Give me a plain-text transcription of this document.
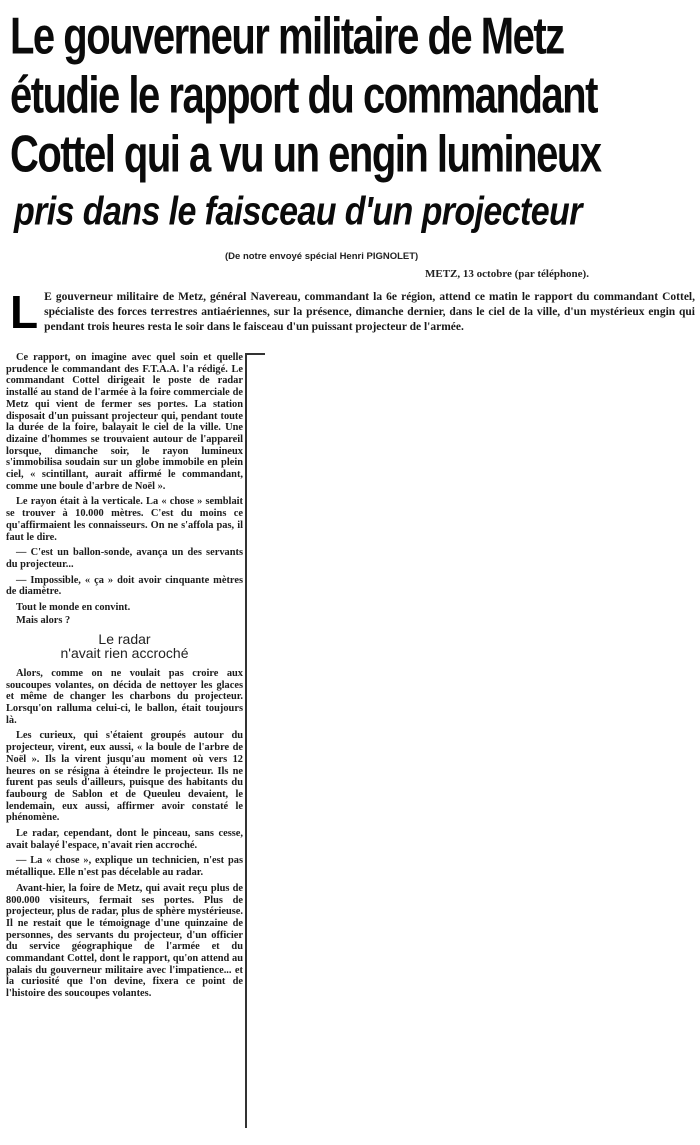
Le gouverneur militaire de Metz
étudie le rapport du commandant
Cottel qui a vu un engin lumineux
pris dans le faisceau d'un projecteur
(De notre envoyé spécial Henri PIGNOLET)
METZ, 13 octobre (par téléphone).

L E gouverneur militaire de Metz, général Navereau, commandant la 6e région, attend ce matin le rapport du commandant Cottel, spécialiste des forces terrestres antiaériennes, sur la présence, dimanche dernier, dans le ciel de la ville, d'un mystérieux engin qui pendant trois heures resta le soir dans le faisceau d'un puissant projecteur de l'armée.

Ce rapport, on imagine avec quel soin et quelle prudence le commandant des F.T.A.A. l'a rédigé. Le commandant Cottel dirigeait le poste de radar installé au stand de l'armée à la foire commerciale de Metz qui vient de fermer ses portes. La station disposait d'un puissant projecteur qui, pendant toute la durée de la foire, balayait le ciel de la ville. Une dizaine d'hommes se trouvaient autour de l'appareil lorsque, dimanche soir, le rayon lumineux s'immobilisa soudain sur un globe immobile en plein ciel, « scintillant, aurait affirmé le commandant, comme une boule d'arbre de Noël ».

Le rayon était à la verticale. La « chose » semblait se trouver à 10.000 mètres. C'est du moins ce qu'affirmaient les connaisseurs. On ne s'affola pas, il faut le dire.

— C'est un ballon-sonde, avança un des servants du projecteur...

— Impossible, « ça » doit avoir cinquante mètres de diamètre.

Tout le monde en convint.

Mais alors ?

Le radar
n'avait rien accroché

Alors, comme on ne voulait pas croire aux soucoupes volantes, on décida de nettoyer les glaces et même de changer les charbons du projecteur. Lorsqu'on ralluma celui-ci, le ballon, était toujours là.

Les curieux, qui s'étaient groupés autour du projecteur, virent, eux aussi, « la boule de l'arbre de Noël ». Ils la virent jusqu'au moment où vers 12 heures on se résigna à éteindre le projecteur. Ils ne furent pas seuls d'ailleurs, puisque des habitants du faubourg de Sablon et de Queuleu devaient, le lendemain, eux aussi, affirmer avoir constaté le phénomène.

Le radar, cependant, dont le pinceau, sans cesse, avait balayé l'espace, n'avait rien accroché.

— La « chose », explique un technicien, n'est pas métallique. Elle n'est pas décelable au radar.

Avant-hier, la foire de Metz, qui avait reçu plus de 800.000 visiteurs, fermait ses portes. Plus de projecteur, plus de radar, plus de sphère mystérieuse. Il ne restait que le témoignage d'une quinzaine de personnes, des servants du projecteur, d'un officier du service géographique de l'armée et du commandant Cottel, dont le rapport, qu'on attend au palais du gouverneur militaire avec l'impatience... et la curiosité que l'on devine, fixera ce point de l'histoire des soucoupes volantes.
